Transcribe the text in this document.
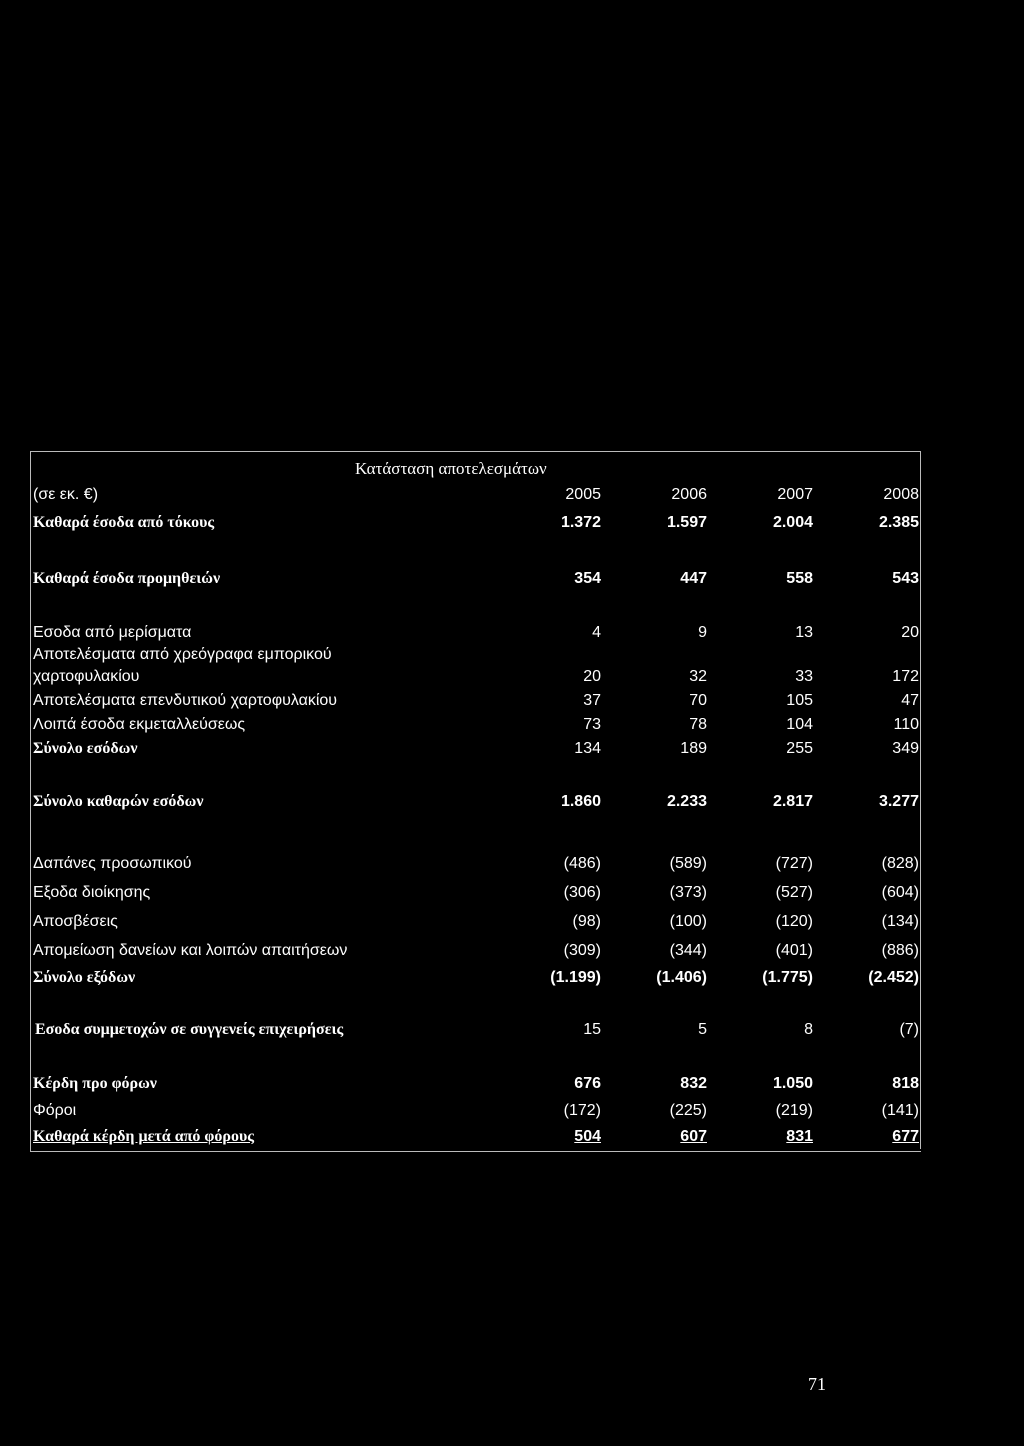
Κατάσταση αποτελεσμάτων
(σε εκ. €)	2005	2006	2007	2008
Καθαρά έσοδα από τόκους	1.372	1.597	2.004	2.385
Καθαρά έσοδα προμηθειών	354	447	558	543
Εσοδα από μερίσματα	4	9	13	20
Αποτελέσματα από χρεόγραφα εμπορικού
χαρτοφυλακίου	20	32	33	172
Αποτελέσματα επενδυτικού χαρτοφυλακίου	37	70	105	47
Λοιπά έσοδα εκμεταλλεύσεως	73	78	104	110
Σύνολο εσόδων	134	189	255	349
Σύνολο καθαρών εσόδων	1.860	2.233	2.817	3.277
Δαπάνες προσωπικού	(486)	(589)	(727)	(828)
Εξοδα διοίκησης	(306)	(373)	(527)	(604)
Αποσβέσεις	(98)	(100)	(120)	(134)
Απομείωση δανείων και λοιπών απαιτήσεων	(309)	(344)	(401)	(886)
Σύνολο εξόδων	(1.199)	(1.406)	(1.775)	(2.452)
Εσοδα συμμετοχών σε συγγενείς επιχειρήσεις	15	5	8	(7)
Κέρδη προ φόρων	676	832	1.050	818
Φόροι	(172)	(225)	(219)	(141)
Καθαρά κέρδη μετά από φόρους	504	607	831	677
71
